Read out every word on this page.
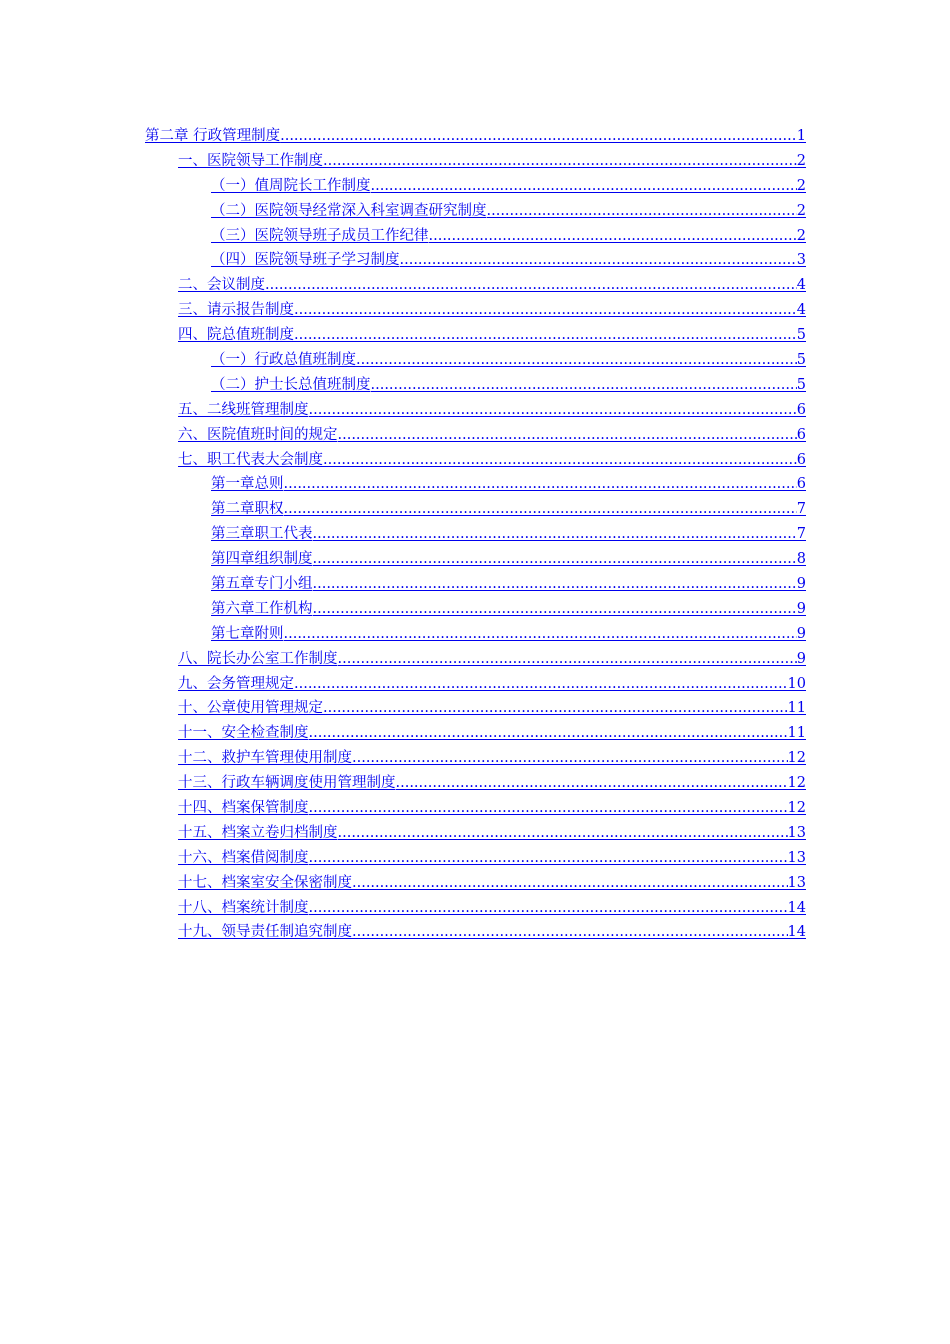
第二章 行政管理制度 .....	1
一、医院领导工作制度 .....	2
（一）值周院长工作制度 .....	2
（二）医院领导经常深入科室调查研究制度 .....	2
（三）医院领导班子成员工作纪律 .....	2
（四）医院领导班子学习制度 .....	3
二、会议制度 .....	4
三、请示报告制度 .....	4
四、院总值班制度 .....	5
（一）行政总值班制度 .....	5
（二）护士长总值班制度 .....	5
五、二线班管理制度 .....	6
六、医院值班时间的规定 .....	6
七、职工代表大会制度 .....	6
第一章总则 .....	6
第二章职权 .....	7
第三章职工代表 .....	7
第四章组织制度 .....	8
第五章专门小组 .....	9
第六章工作机构 .....	9
第七章附则 .....	9
八、院长办公室工作制度 .....	9
九、会务管理规定 .....	10
十、公章使用管理规定 .....	11
十一、安全检查制度 .....	11
十二、救护车管理使用制度 .....	12
十三、行政车辆调度使用管理制度 .....	12
十四、档案保管制度 .....	12
十五、档案立卷归档制度 .....	13
十六、档案借阅制度 .....	13
十七、档案室安全保密制度 .....	13
十八、档案统计制度 .....	14
十九、领导责任制追究制度 .....	14
